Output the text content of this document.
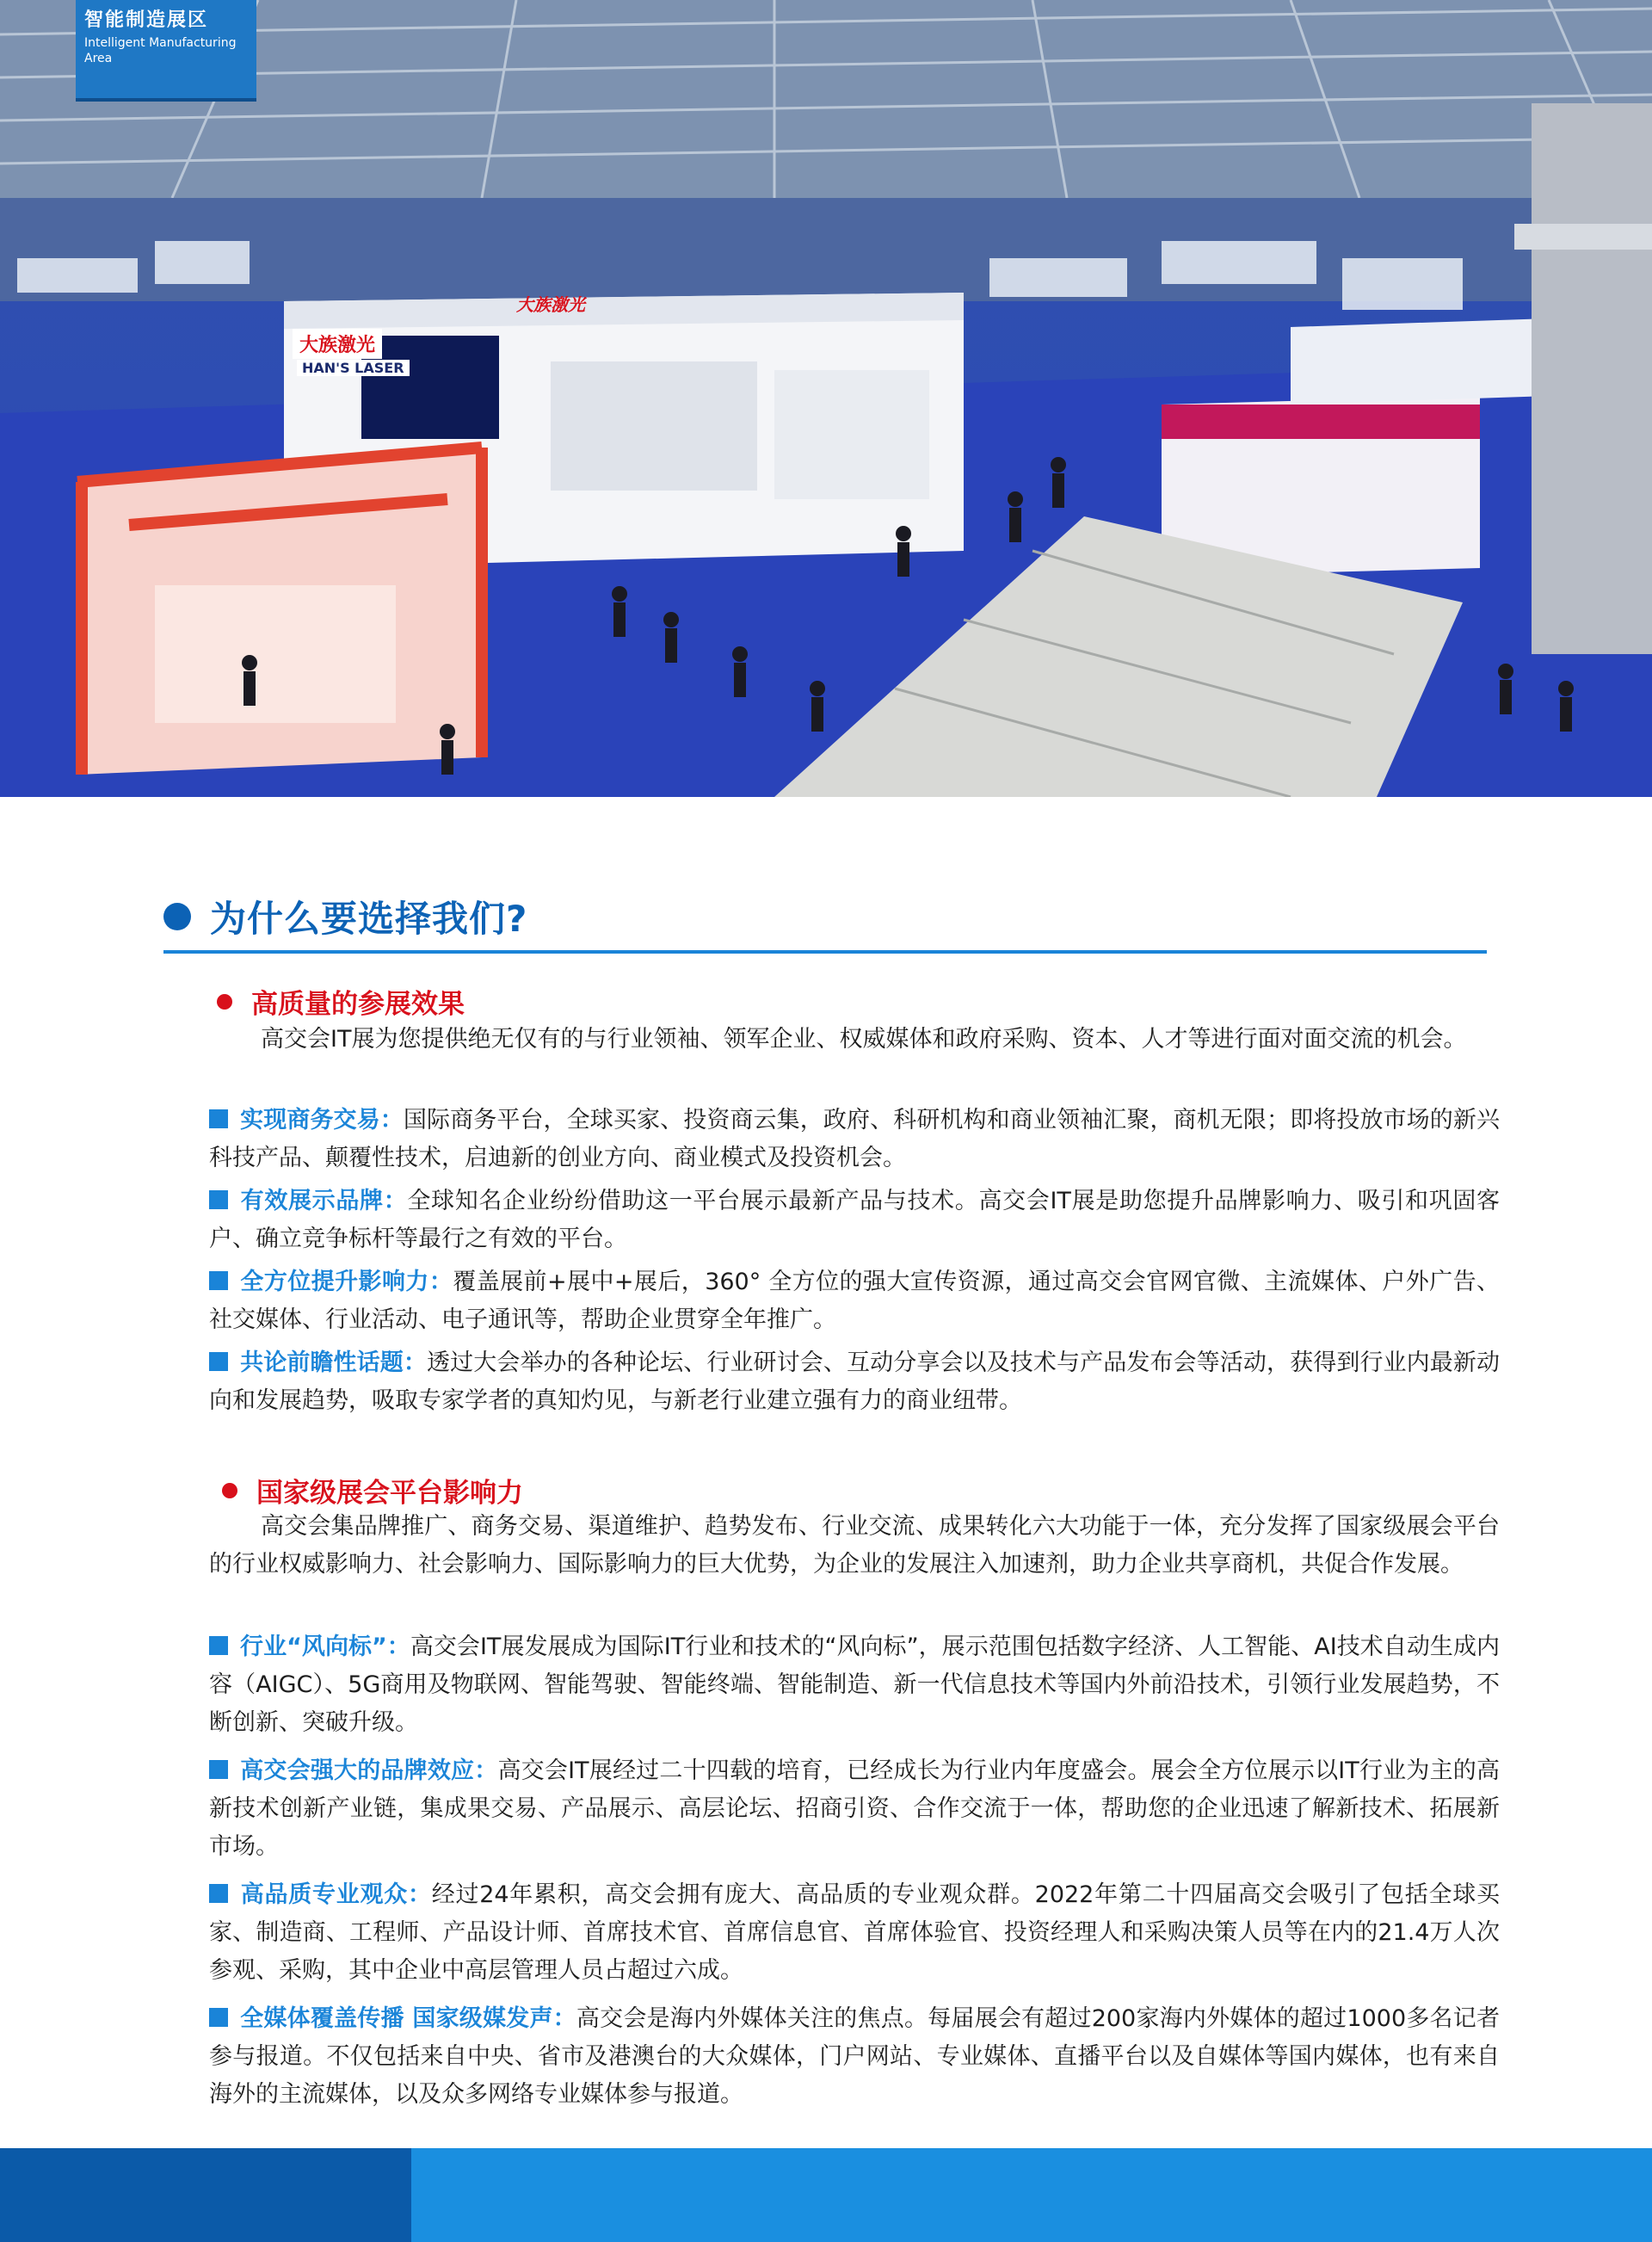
智能制造展区
Intelligent Manufacturing Area
大族激光
大族激光
HAN'S LASER
为什么要选择我们?
高质量的参展效果

高交会IT展为您提供绝无仅有的与行业领袖、领军企业、权威媒体和政府采购、资本、人才等进行面对面交流的机会。

实现商务交易：国际商务平台，全球买家、投资商云集，政府、科研机构和商业领袖汇聚，商机无限；即将投放市场的新兴科技产品、颠覆性技术，启迪新的创业方向、商业模式及投资机会。

有效展示品牌：全球知名企业纷纷借助这一平台展示最新产品与技术。高交会IT展是助您提升品牌影响力、吸引和巩固客户、确立竞争标杆等最行之有效的平台。

全方位提升影响力：覆盖展前+展中+展后，360° 全方位的强大宣传资源，通过高交会官网官微、主流媒体、户外广告、社交媒体、行业活动、电子通讯等，帮助企业贯穿全年推广。

共论前瞻性话题：透过大会举办的各种论坛、行业研讨会、互动分享会以及技术与产品发布会等活动，获得到行业内最新动向和发展趋势，吸取专家学者的真知灼见，与新老行业建立强有力的商业纽带。

国家级展会平台影响力

高交会集品牌推广、商务交易、渠道维护、趋势发布、行业交流、成果转化六大功能于一体，充分发挥了国家级展会平台的行业权威影响力、社会影响力、国际影响力的巨大优势，为企业的发展注入加速剂，助力企业共享商机，共促合作发展。

行业“风向标”：高交会IT展发展成为国际IT行业和技术的“风向标”，展示范围包括数字经济、人工智能、AI技术自动生成内容（AIGC）、5G商用及物联网、智能驾驶、智能终端、智能制造、新一代信息技术等国内外前沿技术，引领行业发展趋势，不断创新、突破升级。

高交会强大的品牌效应：高交会IT展经过二十四载的培育，已经成长为行业内年度盛会。展会全方位展示以IT行业为主的高新技术创新产业链，集成果交易、产品展示、高层论坛、招商引资、合作交流于一体，帮助您的企业迅速了解新技术、拓展新市场。

高品质专业观众：经过24年累积，高交会拥有庞大、高品质的专业观众群。2022年第二十四届高交会吸引了包括全球买家、制造商、工程师、产品设计师、首席技术官、首席信息官、首席体验官、投资经理人和采购决策人员等在内的21.4万人次参观、采购，其中企业中高层管理人员占超过六成。

全媒体覆盖传播 国家级媒发声：高交会是海内外媒体关注的焦点。每届展会有超过200家海内外媒体的超过1000多名记者参与报道。不仅包括来自中央、省市及港澳台的大众媒体，门户网站、专业媒体、直播平台以及自媒体等国内媒体，也有来自海外的主流媒体，以及众多网络专业媒体参与报道。
